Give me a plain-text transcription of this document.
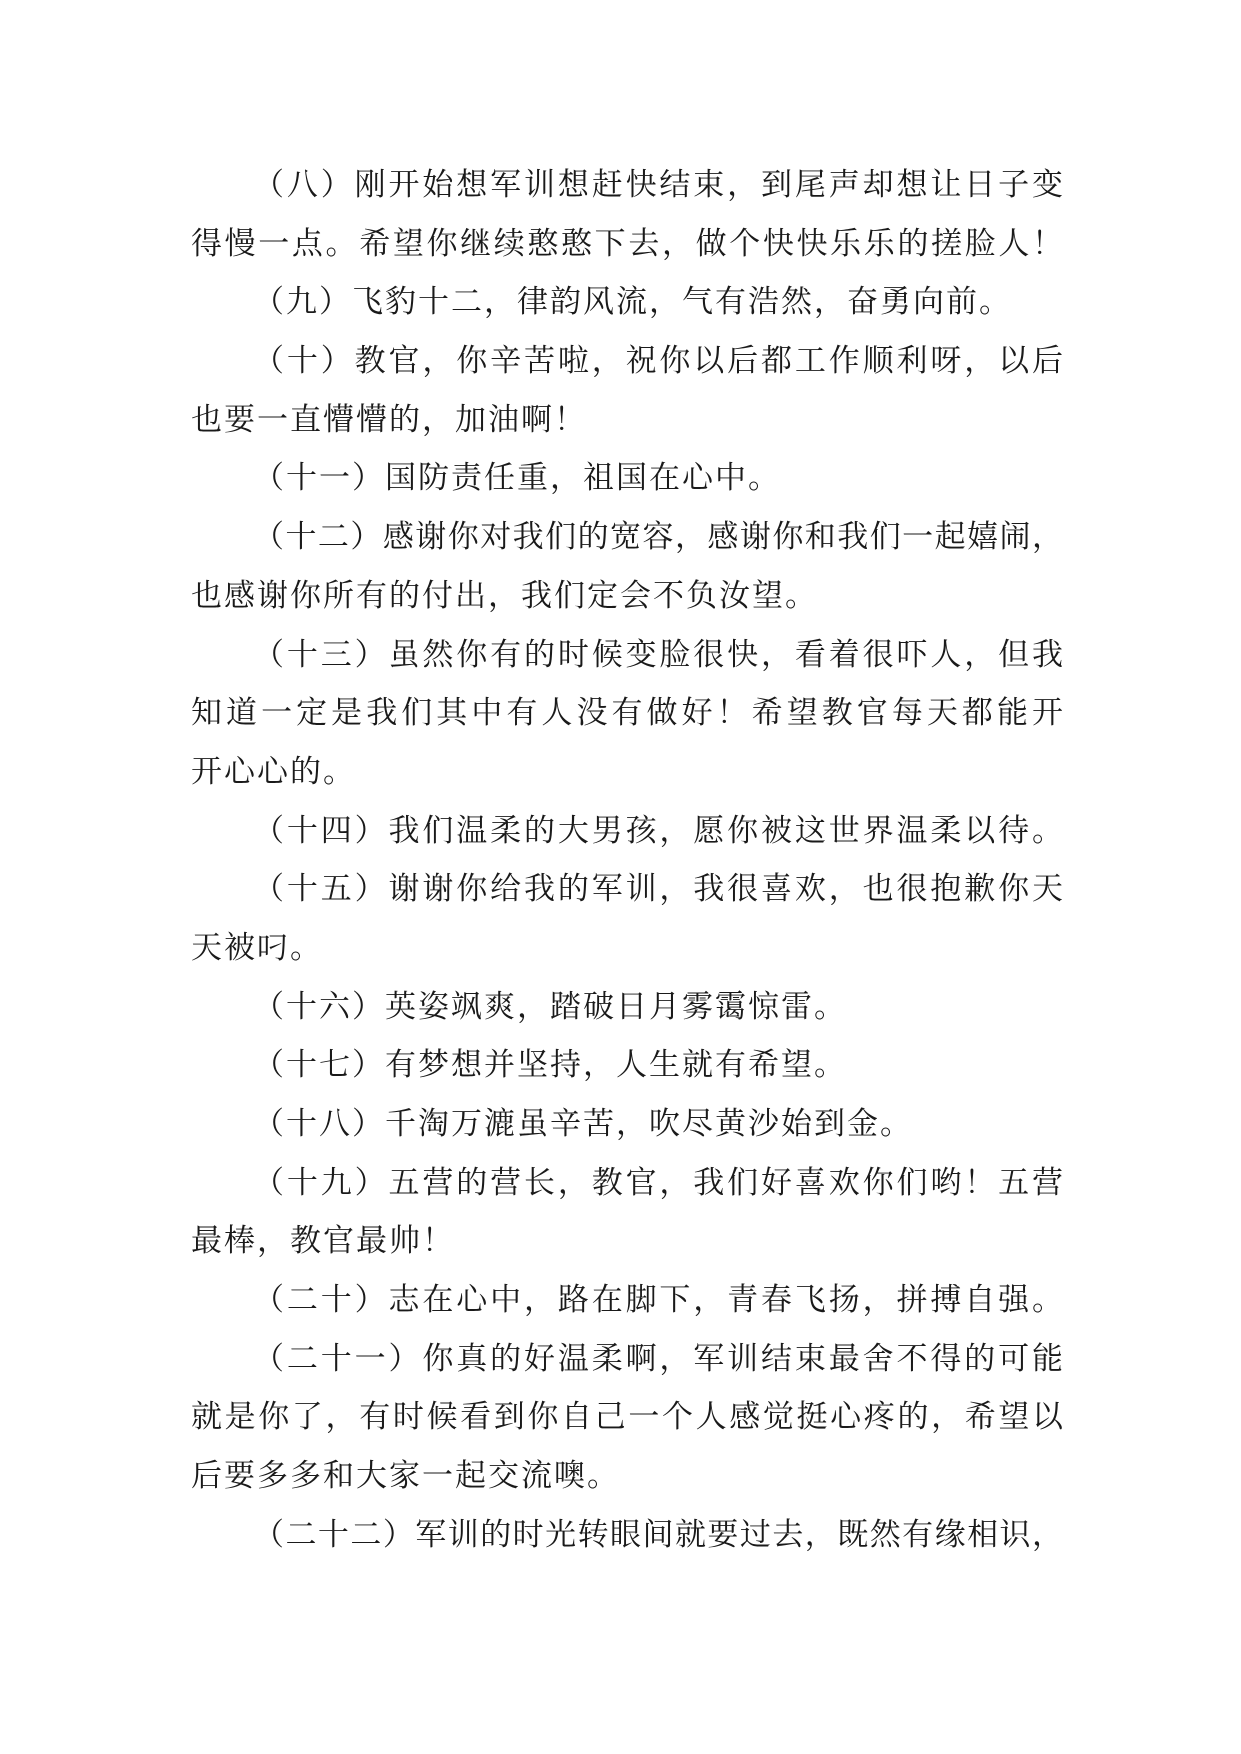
（八）刚开始想军训想赶快结束，到尾声却想让日子变
得慢一点。希望你继续憨憨下去，做个快快乐乐的搓脸人！
（九）飞豹十二，律韵风流，气有浩然，奋勇向前。
（十）教官，你辛苦啦，祝你以后都工作顺利呀，以后
也要一直懵懵的，加油啊！
（十一）国防责任重，祖国在心中。
（十二）感谢你对我们的宽容，感谢你和我们一起嬉闹，
也感谢你所有的付出，我们定会不负汝望。
（十三）虽然你有的时候变脸很快，看着很吓人，但我
知道一定是我们其中有人没有做好！希望教官每天都能开
开心心的。
（十四）我们温柔的大男孩，愿你被这世界温柔以待。
（十五）谢谢你给我的军训，我很喜欢，也很抱歉你天
天被叼。
（十六）英姿飒爽，踏破日月雾霭惊雷。
（十七）有梦想并坚持，人生就有希望。
（十八）千淘万漉虽辛苦，吹尽黄沙始到金。
（十九）五营的营长，教官，我们好喜欢你们哟！五营
最棒，教官最帅！
（二十）志在心中，路在脚下，青春飞扬，拼搏自强。
（二十一）你真的好温柔啊，军训结束最舍不得的可能
就是你了，有时候看到你自己一个人感觉挺心疼的，希望以
后要多多和大家一起交流噢。
（二十二）军训的时光转眼间就要过去，既然有缘相识，
